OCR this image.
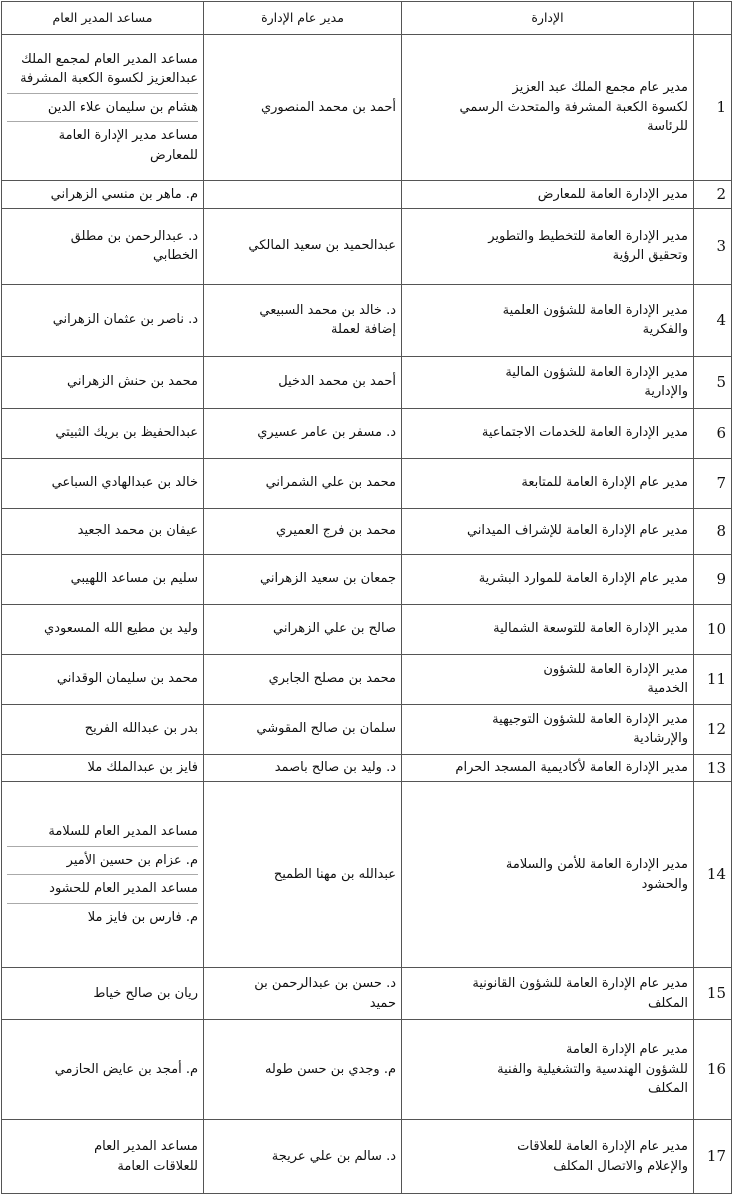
	الإدارة	مدير عام الإدارة	مساعد المدير العام

1	مدير عام مجمع الملك عبد العزيز
لكسوة الكعبة المشرفة والمتحدث الرسمي
للرئاسة	أحمد بن محمد المنصوري	مساعد المدير العام لمجمع الملك عبدالعزيز لكسوة الكعبة المشرفة
هشام بن سليمان علاء الدين
مساعد مدير الإدارة العامة للمعارض

2	مدير الإدارة العامة للمعارض		م. ماهر بن منسي الزهراني

3	مدير الإدارة العامة للتخطيط والتطوير
وتحقيق الرؤية	عبدالحميد بن سعيد المالكي	د. عبدالرحمن بن مطلق
الخطابي

4	مدير الإدارة العامة للشؤون العلمية
والفكرية	د. خالد بن محمد السبيعي
إضافة لعملة	د. ناصر بن عثمان الزهراني

5	مدير الإدارة العامة للشؤون المالية
والإدارية	أحمد بن محمد الدخيل	محمد بن حنش الزهراني

6	مدير الإدارة العامة للخدمات الاجتماعية	د. مسفر بن عامر عسيري	عبدالحفيظ بن بريك الثبيتي

7	مدير عام الإدارة العامة للمتابعة	محمد بن علي الشمراني	خالد بن عبدالهادي السباعي

8	مدير عام الإدارة العامة للإشراف الميداني	محمد بن فرج العميري	عيفان بن محمد الجعيد

9	مدير عام الإدارة العامة للموارد البشرية	جمعان بن سعيد الزهراني	سليم بن مساعد اللهيبي

10	مدير الإدارة العامة للتوسعة الشمالية	صالح بن علي الزهراني	وليد بن مطيع الله المسعودي

11	مدير الإدارة العامة للشؤون
الخدمية	محمد بن مصلح الجابري	محمد بن سليمان الوقداني

12	مدير الإدارة العامة للشؤون التوجيهية
والإرشادية	سلمان بن صالح المقوشي	بدر بن عبدالله الفريح

13	مدير الإدارة العامة لأكاديمية المسجد الحرام	د. وليد بن صالح باصمد	فايز بن عبدالملك ملا

14	مدير الإدارة العامة للأمن والسلامة
والحشود	عبدالله بن مهنا الطميح	مساعد المدير العام للسلامة
م. عزام بن حسين الأمير
مساعد المدير العام للحشود
م. فارس بن فايز ملا

15	مدير عام الإدارة العامة للشؤون القانونية
المكلف	د. حسن بن عبدالرحمن بن
حميد	ريان بن صالح خياط

16	مدير عام الإدارة العامة
للشؤون الهندسية والتشغيلية والفنية
المكلف	م. وجدي بن حسن طوله	م. أمجد بن عايض الحازمي

17	مدير عام الإدارة العامة للعلاقات
والإعلام والاتصال المكلف	د. سالم بن علي عريجة	مساعد المدير العام
للعلاقات العامة
